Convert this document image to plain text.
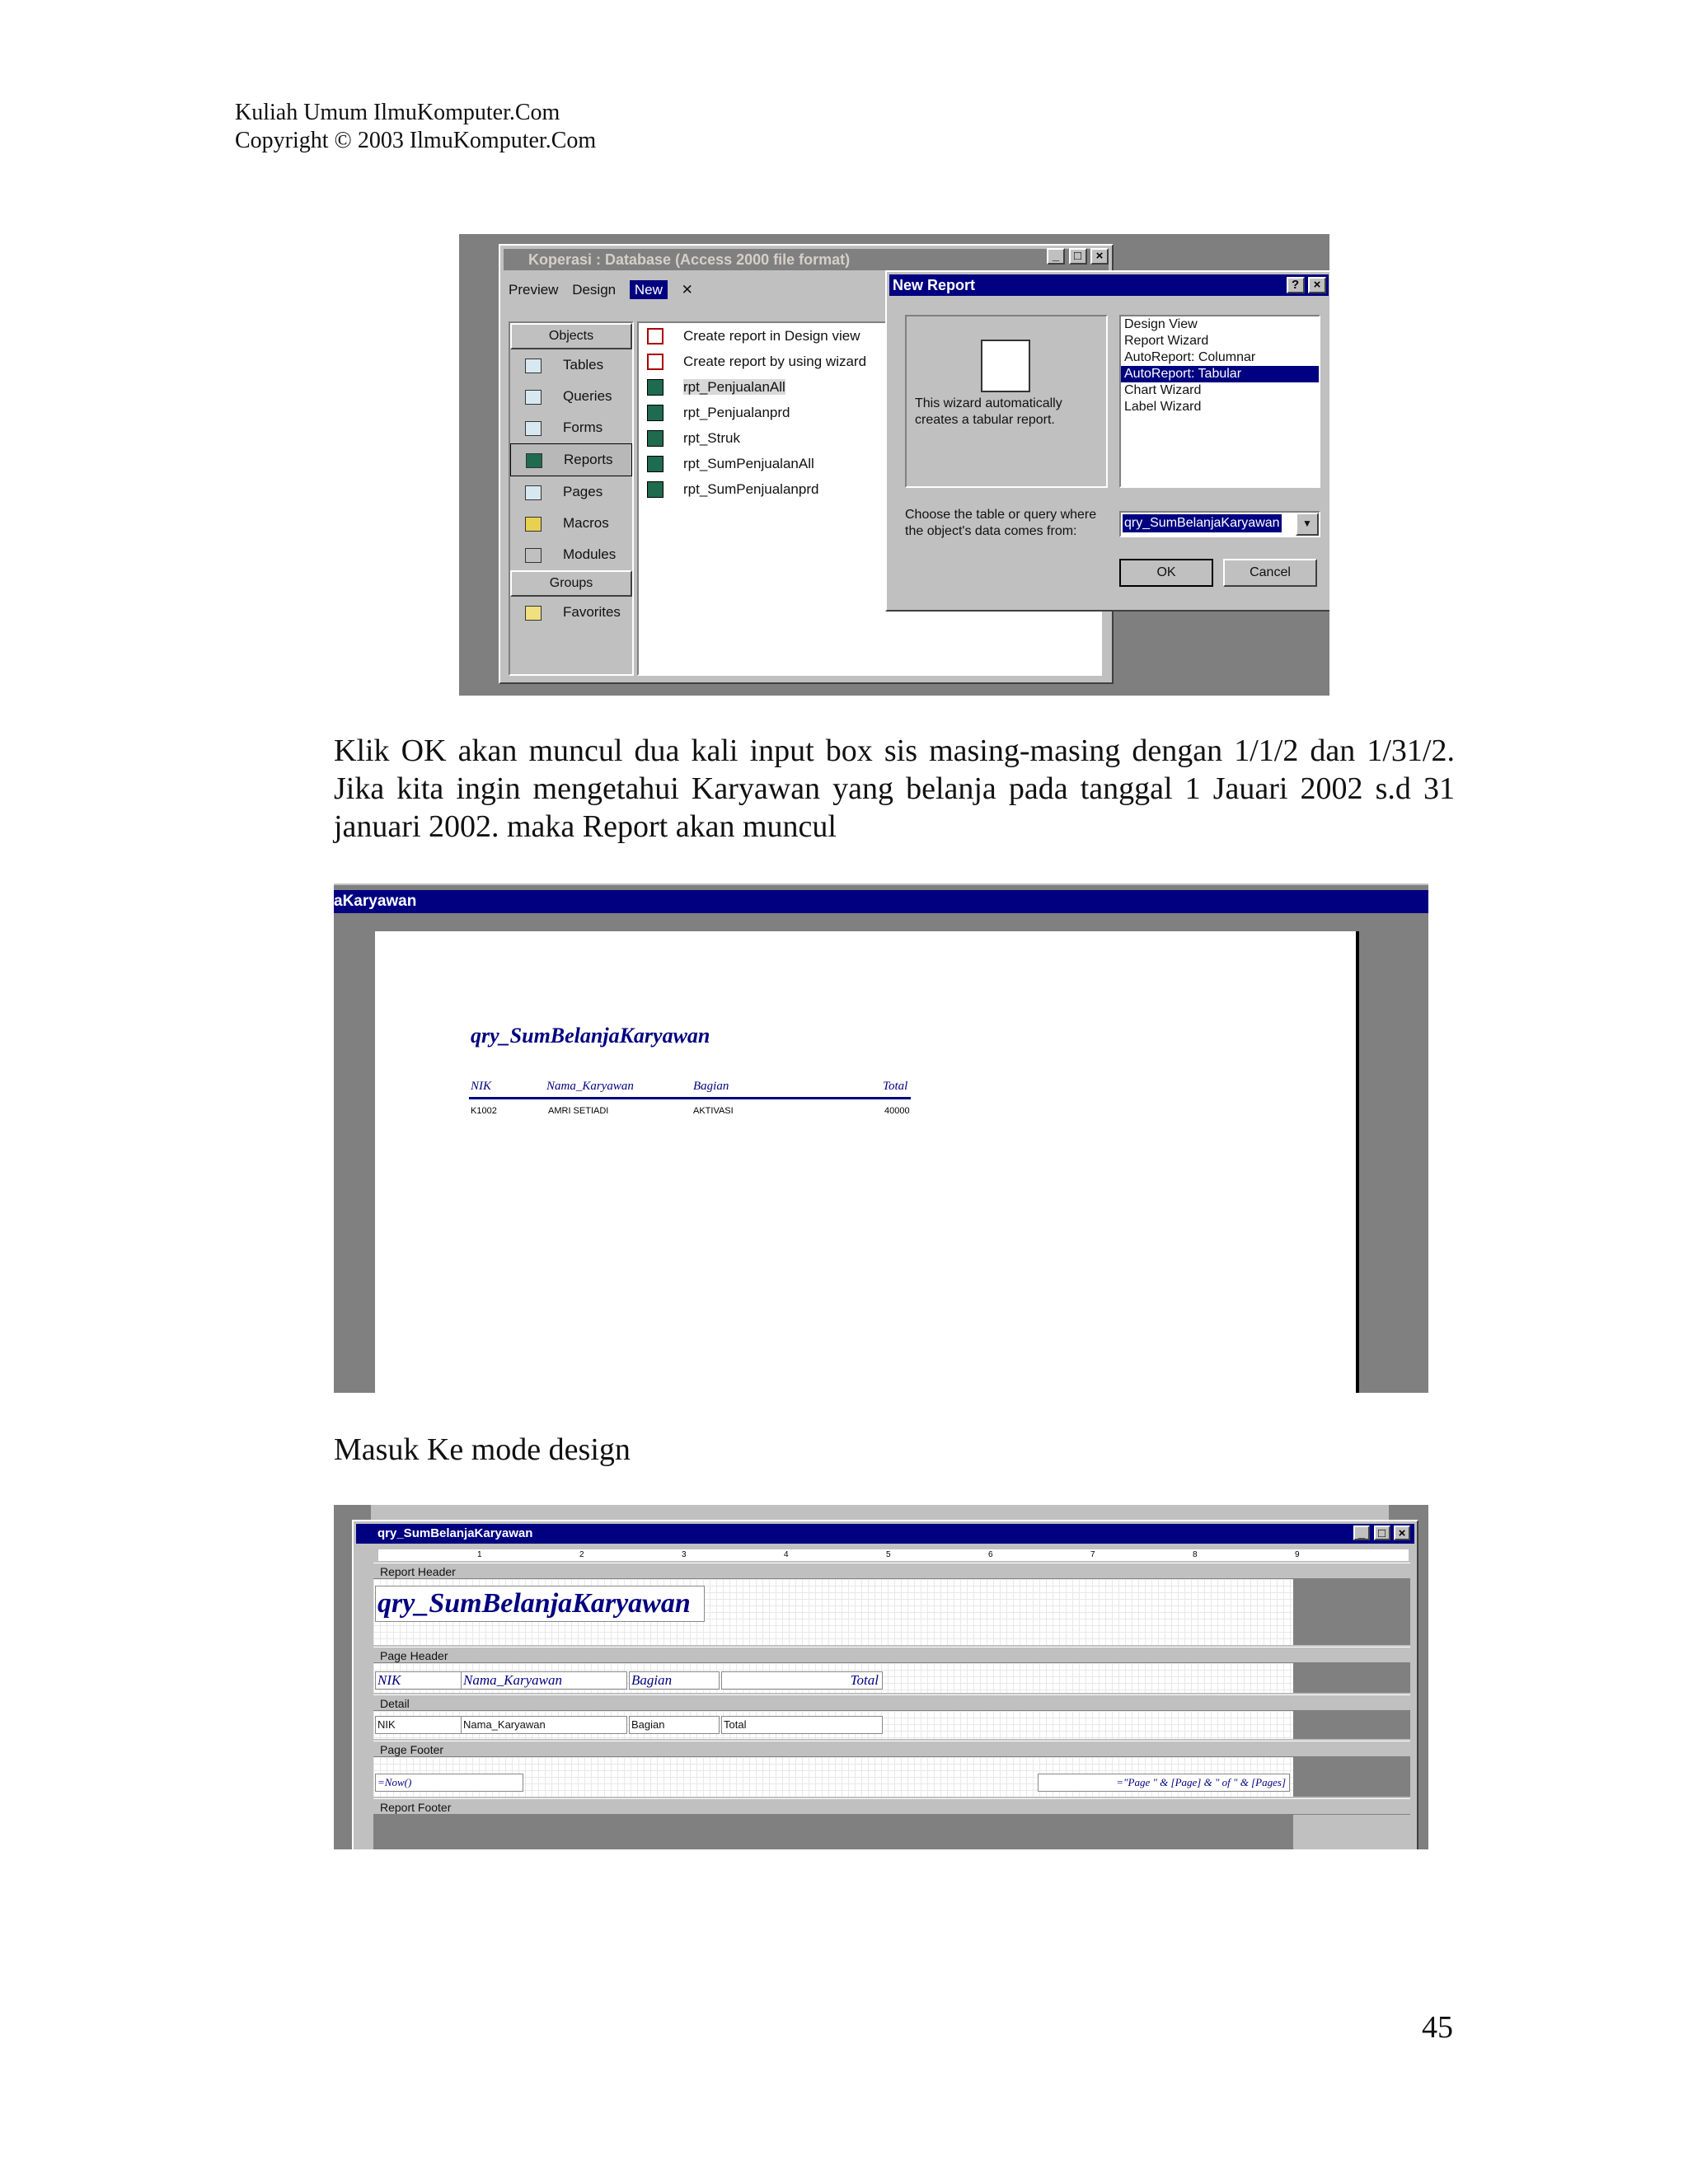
Kuliah Umum IlmuKomputer.Com
Copyright © 2003 IlmuKomputer.Com
Koperasi : Database (Access 2000 file format)	_ □ ×
Preview Design New ✕
Objects
Tables
Queries
Forms
Reports
Pages
Macros
Modules
Groups
Favorites
Create report in Design view
Create report by using wizard
rpt_PenjualanAll
rpt_Penjualanprd
rpt_Struk
rpt_SumPenjualanAll
rpt_SumPenjualanprd
New Report	? ×
This wizard automatically creates a tabular report.
Design View
Report Wizard
AutoReport: Columnar
AutoReport: Tabular
Chart Wizard
Label Wizard
Choose the table or query where the object's data comes from:
qry_SumBelanjaKaryawan	▼
OK	Cancel
Klik OK akan muncul dua kali input box sis masing-masing dengan 1/1/2 dan 1/31/2. Jika kita ingin mengetahui Karyawan yang belanja pada tanggal 1 Jauari 2002 s.d 31 januari 2002. maka Report akan muncul
aKaryawan
qry_SumBelanjaKaryawan
NIK	Nama_Karyawan	Bagian	Total
K1002	AMRI SETIADI	AKTIVASI	40000
Masuk Ke mode design
qry_SumBelanjaKaryawan	_ □ ×
1	2	3	4	5	6	7	8	9
Report Header
qry_SumBelanjaKaryawan
Page Header
NIK	Nama_Karyawan	Bagian	Total
Detail
NIK	Nama_Karyawan	Bagian	Total
Page Footer
=Now()	="Page " & [Page] & " of " & [Pages]
Report Footer
45
